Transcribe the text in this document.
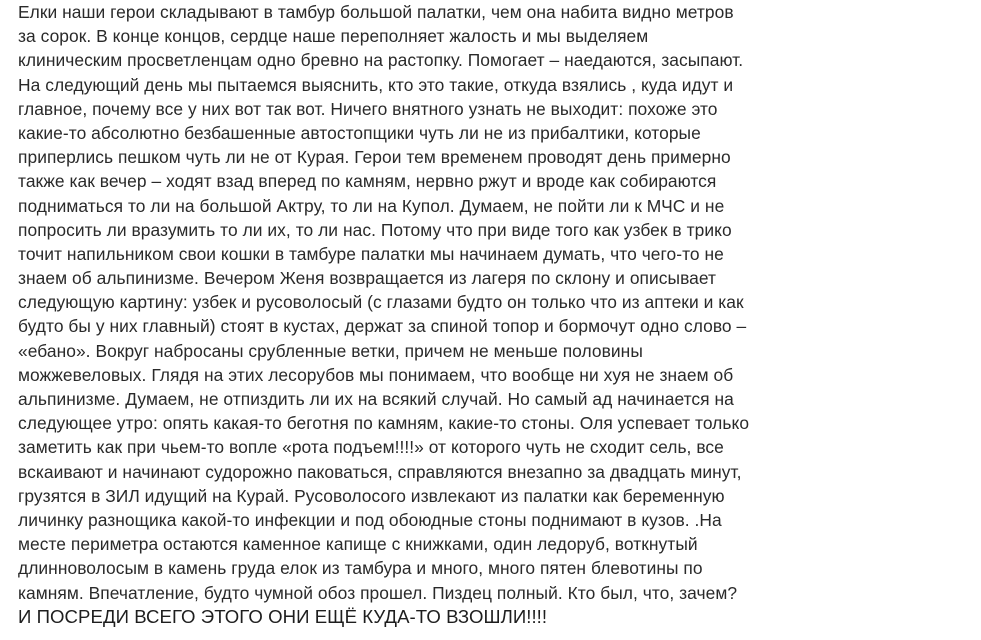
Елки наши герои складывают в тамбур большой палатки, чем она набита видно метров
за сорок. В конце концов, сердце наше переполняет жалость и мы выделяем
клиническим просветленцам одно бревно на растопку. Помогает – наедаются, засыпают.
На следующий день мы пытаемся выяснить, кто это такие, откуда взялись , куда идут и
главное, почему все у них вот так вот. Ничего внятного узнать не выходит: похоже это
какие-то абсолютно безбашенные автостопщики чуть ли не из прибалтики, которые
приперлись пешком чуть ли не от Курая. Герои тем временем проводят день примерно
также как вечер – ходят взад вперед по камням, нервно ржут и вроде как собираются
подниматься то ли на большой Актру, то ли на Купол. Думаем, не пойти ли к МЧС и не
попросить ли вразумить то ли их, то ли нас. Потому что при виде того как узбек в трико
точит напильником свои кошки в тамбуре палатки мы начинаем думать, что чего-то не
знаем об альпинизме. Вечером Женя возвращается из лагеря по склону и описывает
следующую картину: узбек и русоволосый (с глазами будто он только что из аптеки и как
будто бы у них главный) стоят в кустах, держат за спиной топор и бормочут одно слово –
«ебано». Вокруг набросаны срубленные ветки, причем не меньше половины
можжевеловых. Глядя на этих лесорубов мы понимаем, что вообще ни хуя не знаем об
альпинизме. Думаем, не отпиздить ли их на всякий случай. Но самый ад начинается на
следующее утро: опять какая-то беготня по камням, какие-то стоны. Оля успевает только
заметить как при чьем-то вопле «рота подъем!!!!» от которого чуть не сходит сель, все
вскаивают и начинают судорожно паковаться, справляются внезапно за двадцать минут,
грузятся в ЗИЛ идущий на Курай. Русоволосого извлекают из палатки как беременную
личинку разнощика какой-то инфекции и под обоюдные стоны поднимают в кузов. .На
месте периметра остаются каменное капище с книжками, один ледоруб, воткнутый
длинноволосым в камень груда елок из тамбура и много, много пятен блевотины по
камням. Впечатление, будто чумной обоз прошел. Пиздец полный. Кто был, что, зачем?
И ПОСРЕДИ ВСЕГО ЭТОГО ОНИ ЕЩЁ КУДА-ТО ВЗОШЛИ!!!!
